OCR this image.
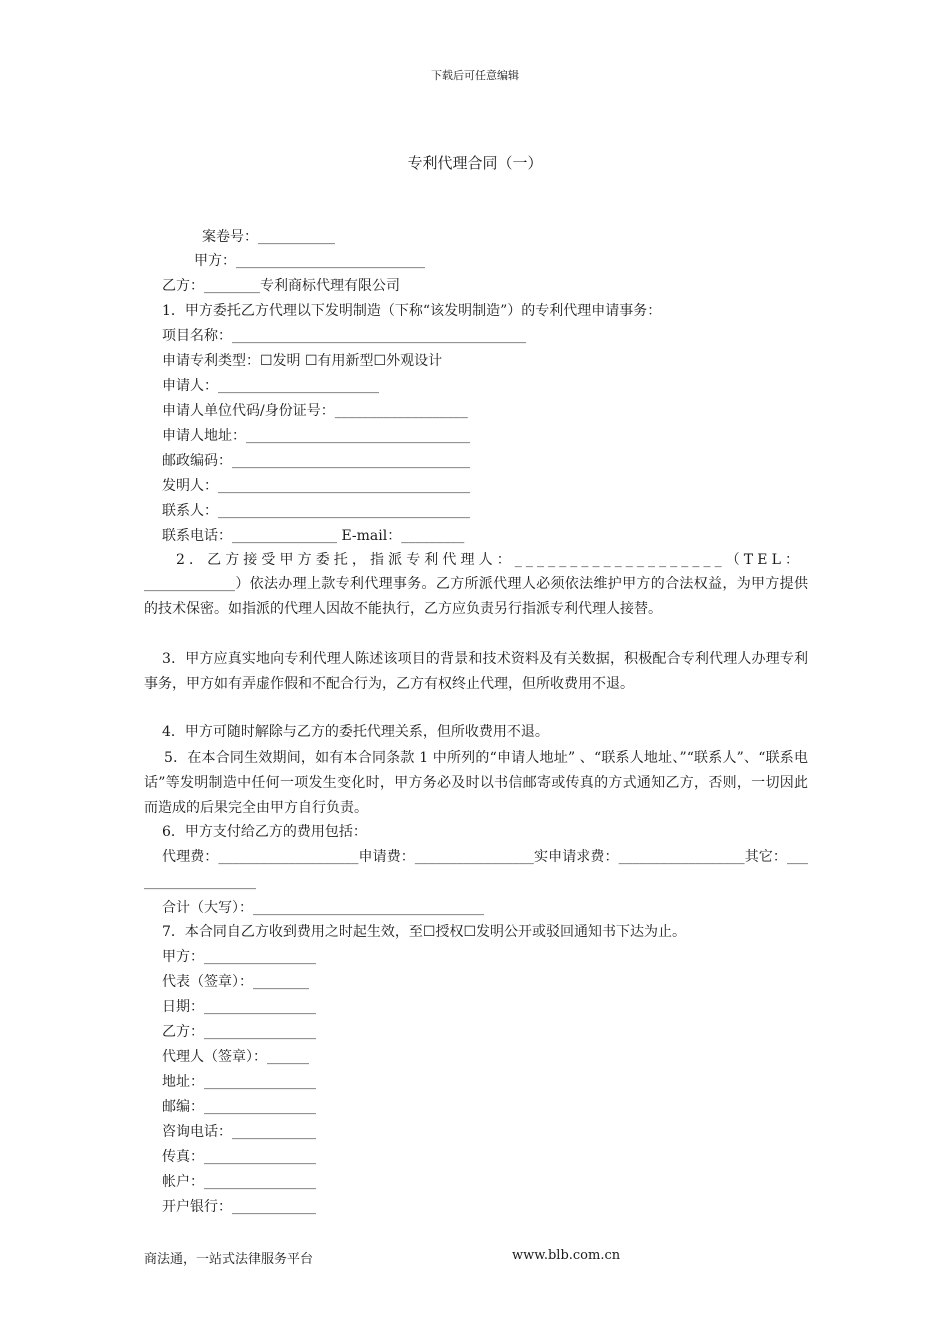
下载后可任意编辑
专利代理合同（一）
案卷号：___________
甲方：___________________________
乙方：________专利商标代理有限公司
1．甲方委托乙方代理以下发明制造（下称“该发明制造”）的专利代理申请事务：
项目名称：__________________________________________
申请专利类型：☐发明 ☐有用新型☐外观设计
申请人：_______________________
申请人单位代码/身份证号：___________________
申请人地址：________________________________
邮政编码：__________________________________
发明人：____________________________________
联系人：____________________________________
联系电话：_______________ E-mail：_________
2．乙方接受甲方委托，指派专利代理人：___________________（TEL：
_____________）依法办理上款专利代理事务。乙方所派代理人必须依法维护甲方的合法权益，为甲方提供的技术保密。如指派的代理人因故不能执行，乙方应负责另行指派专利代理人接替。
3．甲方应真实地向专利代理人陈述该项目的背景和技术资料及有关数据，积极配合专利代理人办理专利事务，甲方如有弄虚作假和不配合行为，乙方有权终止代理，但所收费用不退。
4．甲方可随时解除与乙方的委托代理关系，但所收费用不退。
5．在本合同生效期间，如有本合同条款 1 中所列的“申请人地址” 、“联系人地址、”“联系人”、“联系电话”等发明制造中任何一项发生变化时，甲方务必及时以书信邮寄或传真的方式通知乙方，否则，一切因此而造成的后果完全由甲方自行负责。
6．甲方支付给乙方的费用包括：
代理费：____________________申请费：_________________实申请求费：__________________其它：___________________
合计（大写）：_________________________________
7．本合同自乙方收到费用之时起生效，至☐授权☐发明公开或驳回通知书下达为止。
甲方：________________
代表（签章）：________
日期：________________
乙方：________________
代理人（签章）：______
地址：________________
邮编：________________
咨询电话：____________
传真：________________
帐户：________________
开户银行：____________
商法通，一站式法律服务平台	www.blb.com.cn
